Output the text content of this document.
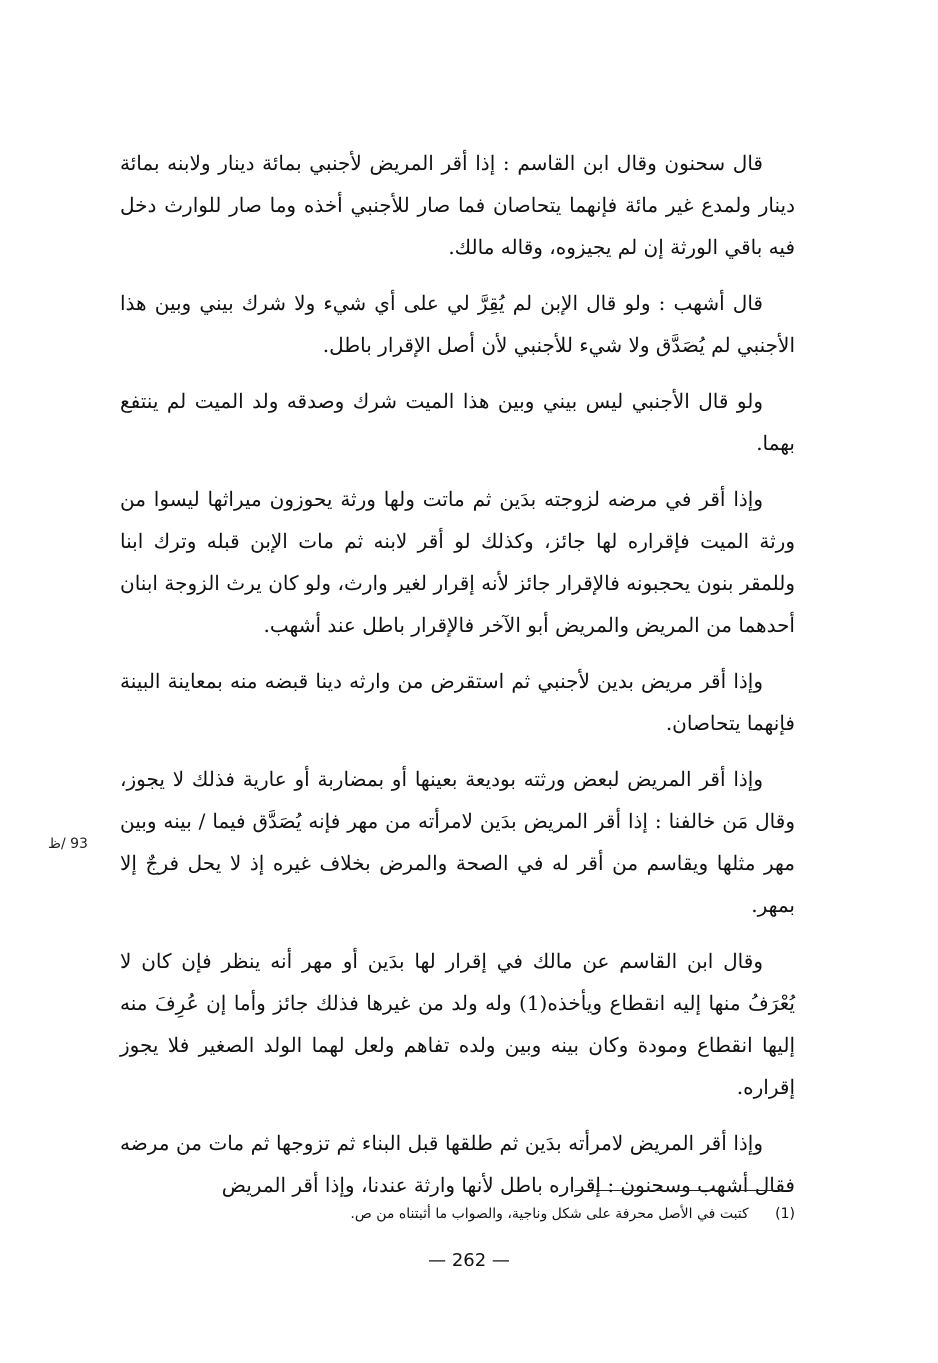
قال سحنون وقال ابن القاسم : إذا أقر المريض لأجنبي بمائة دينار ولابنه بمائة دينار ولمدع غير مائة فإنهما يتحاصان فما صار للأجنبي أخذه وما صار للوارث دخل فيه باقي الورثة إن لم يجيزوه، وقاله مالك.

قال أشهب : ولو قال الإبن لم يُقِرَّ لي على أي شيء ولا شرك بيني وبين هذا الأجنبي لم يُصَدَّق ولا شيء للأجنبي لأن أصل الإقرار باطل.

ولو قال الأجنبي ليس بيني وبين هذا الميت شرك وصدقه ولد الميت لم ينتفع بهما.

وإذا أقر في مرضه لزوجته بدَين ثم ماتت ولها ورثة يحوزون ميراثها ليسوا من ورثة الميت فإقراره لها جائز، وكذلك لو أقر لابنه ثم مات الإبن قبله وترك ابنا وللمقر بنون يحجبونه فالإقرار جائز لأنه إقرار لغير وارث، ولو كان يرث الزوجة ابنان أحدهما من المريض والمريض أبو الآخر فالإقرار باطل عند أشهب.

وإذا أقر مريض بدين لأجنبي ثم استقرض من وارثه دينا قبضه منه بمعاينة البينة فإنهما يتحاصان.

وإذا أقر المريض لبعض ورثته بوديعة بعينها أو بمضاربة أو عارية فذلك لا يجوز، وقال مَن خالفنا : إذا أقر المريض بدَين لامرأته من مهر فإنه يُصَدَّق فيما / بينه وبين مهر مثلها ويقاسم من أقر له في الصحة والمرض بخلاف غيره إذ لا يحل فرجٌ إلا بمهر.

وقال ابن القاسم عن مالك في إقرار لها بدَين أو مهر أنه ينظر فإن كان لا يُعْرَفُ منها إليه انقطاع ويأخذه(1) وله ولد من غيرها فذلك جائز وأما إن عُرِفَ منه إليها انقطاع ومودة وكان بينه وبين ولده تفاهم ولعل لهما الولد الصغير فلا يجوز إقراره.

وإذا أقر المريض لامرأته بدَين ثم طلقها قبل البناء ثم تزوجها ثم مات من مرضه فقال أشهب وسحنون : إقراره باطل لأنها وارثة عندنا، وإذا أقر المريض

93 /ظ
(1) كتبت في الأصل محرفة على شكل وناجية، والصواب ما أثبتناه من ص.
— 262 —
